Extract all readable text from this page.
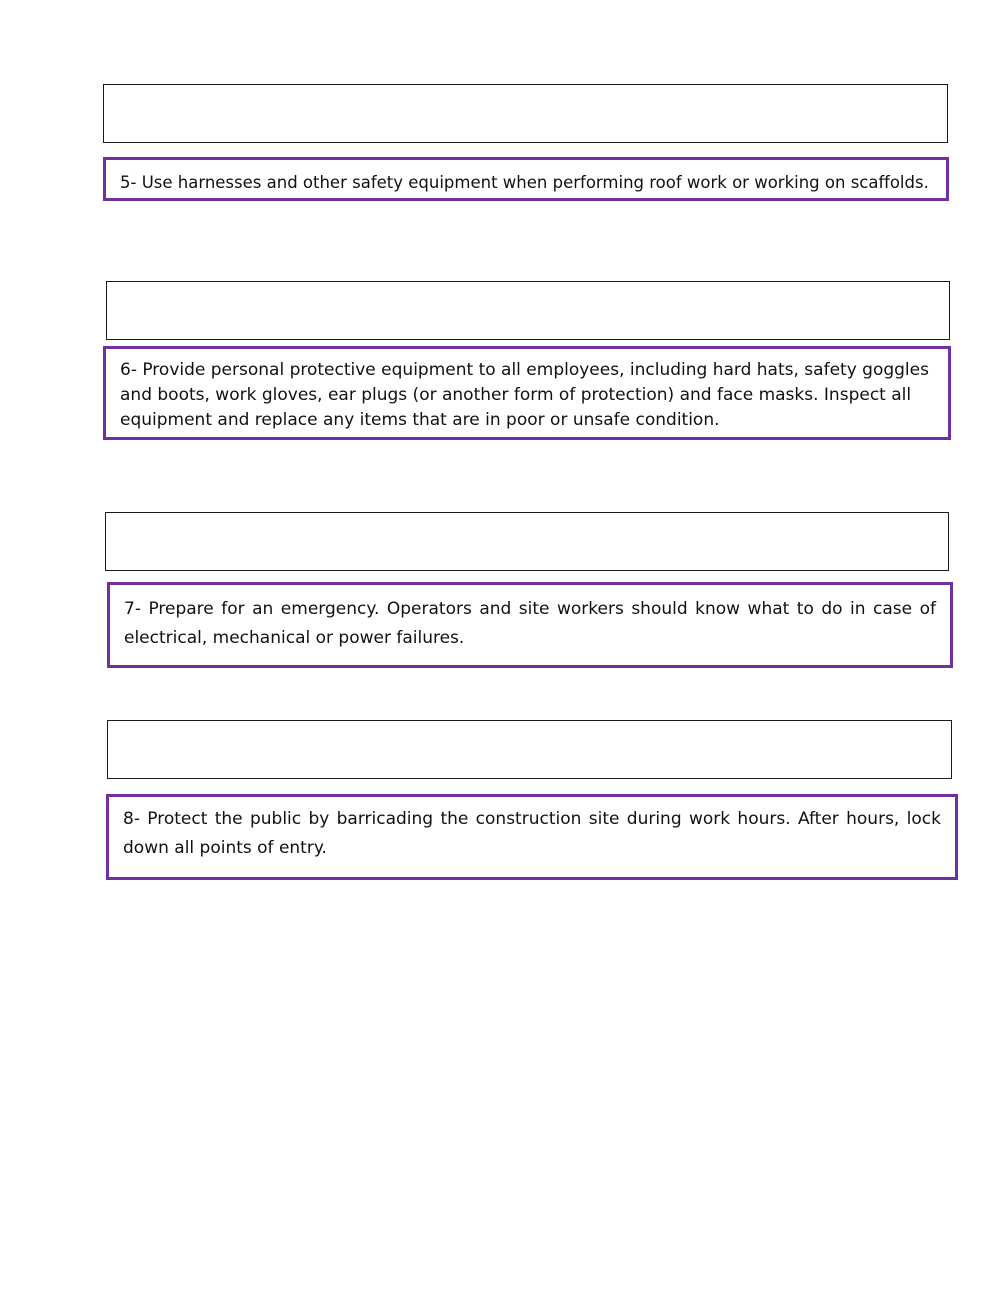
5- Use harnesses and other safety equipment when performing roof work or working on scaffolds.
6- Provide personal protective equipment to all employees, including hard hats, safety goggles and boots, work gloves, ear plugs (or another form of protection) and face masks. Inspect all equipment and replace any items that are in poor or unsafe condition.
7- Prepare for an emergency. Operators and site workers should know what to do in case of electrical, mechanical or power failures.
8- Protect the public by barricading the construction site during work hours. After hours, lock down all points of entry.
